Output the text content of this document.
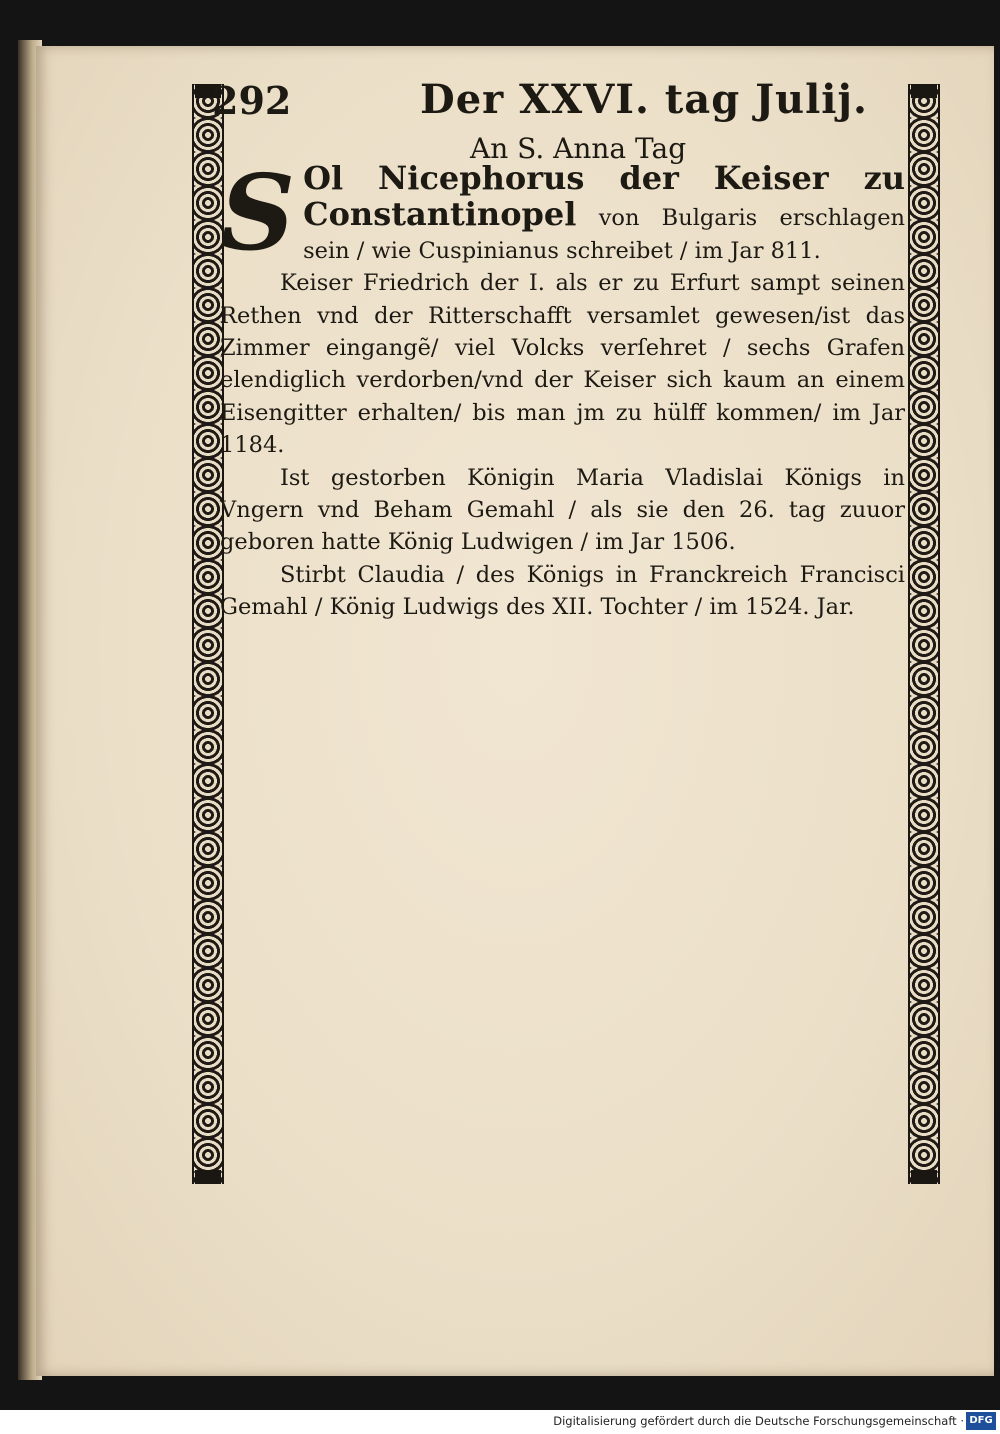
292	Der XXVI. tag Julij.
An S. Anna Tag

S Ol Nicephorus der Keiser zu Constantinopel von Bulgaris erschlagen sein / wie Cuspinianus schreibet / im Jar 811.

Keiser Friedrich der I. als er zu Erfurt sampt seinen Rethen vnd der Ritterschafft versamlet gewesen/ist das Zimmer eingangẽ/ viel Volcks verſehret / sechs Grafen elendiglich verdorben/vnd der Keiser sich kaum an einem Eisengitter erhalten/ bis man jm zu hülff kommen/ im Jar 1184.

Ist gestorben Königin Maria Vladislai Königs in Vngern vnd Beham Gemahl / als sie den 26. tag zuuor geboren hatte König Ludwigen / im Jar 1506.

Stirbt Claudia / des Königs in Franckreich Francisci Gemahl / König Ludwigs des XII. Tochter / im 1524. Jar.

Digitalisierung gefördert durch die Deutsche Forschungsgemeinschaft · DFG
